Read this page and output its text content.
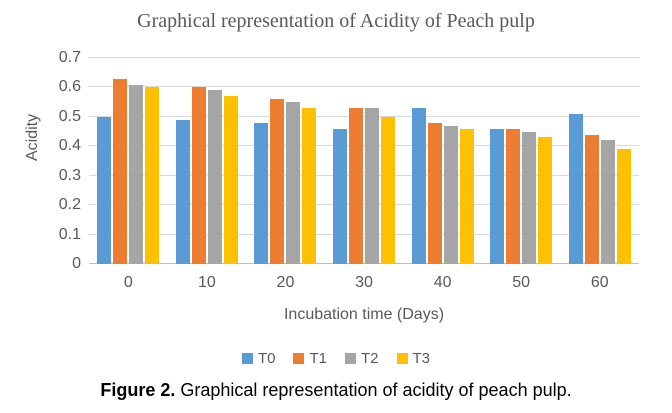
Graphical representation of Acidity of Peach pulp
Acidity
0
0.1
0.2
0.3
0.4
0.5
0.6
0.7
0	10	20	30	40	50	60
Incubation time (Days)
T0 T1 T2 T3
Figure 2. Graphical representation of acidity of peach pulp.
